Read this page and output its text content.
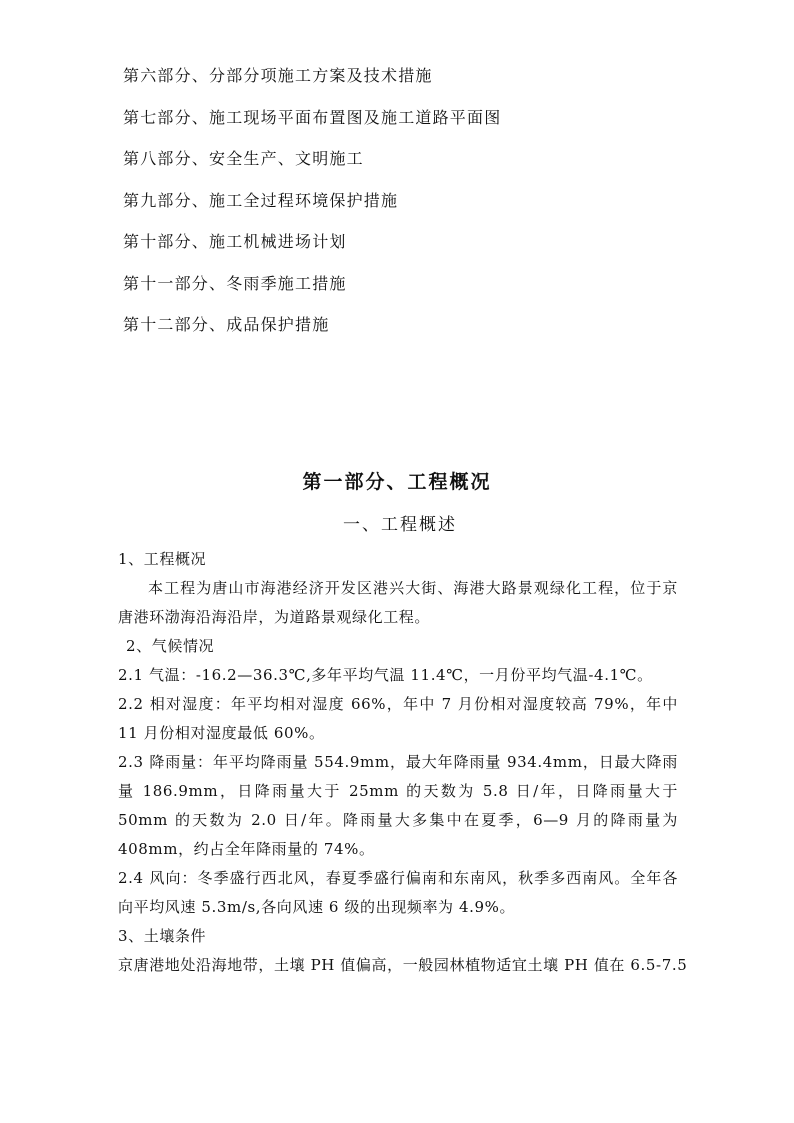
第六部分、分部分项施工方案及技术措施
第七部分、施工现场平面布置图及施工道路平面图
第八部分、安全生产、文明施工
第九部分、施工全过程环境保护措施
第十部分、施工机械进场计划
第十一部分、冬雨季施工措施
第十二部分、成品保护措施
第一部分、工程概况
一、工程概述

1、工程概况

本工程为唐山市海港经济开发区港兴大街、海港大路景观绿化工程，位于京唐港环渤海沿海沿岸，为道路景观绿化工程。

2、气候情况

2.1 气温：-16.2—36.3℃,多年平均气温 11.4℃，一月份平均气温-4.1℃。

2.2 相对湿度：年平均相对湿度 66%，年中 7 月份相对湿度较高 79%，年中 11 月份相对湿度最低 60%。

2.3 降雨量：年平均降雨量 554.9mm，最大年降雨量 934.4mm，日最大降雨量 186.9mm，日降雨量大于 25mm 的天数为 5.8 日/年，日降雨量大于 50mm 的天数为 2.0 日/年。降雨量大多集中在夏季，6—9 月的降雨量为 408mm，约占全年降雨量的 74%。

2.4 风向：冬季盛行西北风，春夏季盛行偏南和东南风，秋季多西南风。全年各向平均风速 5.3m/s,各向风速 6 级的出现频率为 4.9%。

3、土壤条件

京唐港地处沿海地带，土壤 PH 值偏高，一般园林植物适宜土壤 PH 值在 6.5-7.5
